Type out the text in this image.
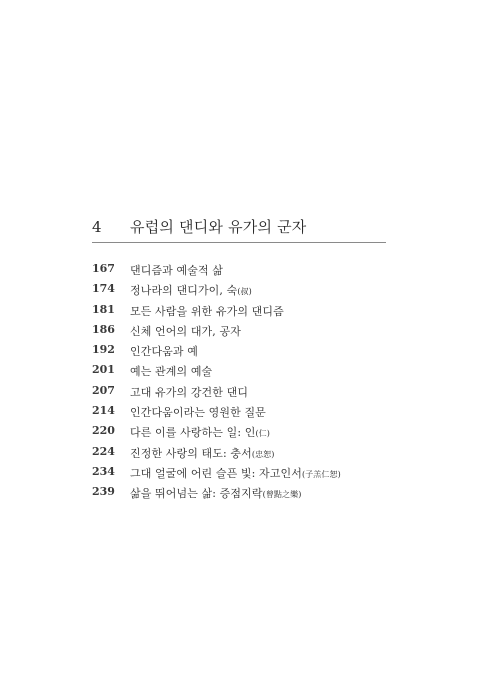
4 유럽의 댄디와 유가의 군자
167 댄디즘과 예술적 삶
174 정나라의 댄디가이, 숙(叔)
181 모든 사람을 위한 유가의 댄디즘
186 신체 언어의 대가, 공자
192 인간다움과 예
201 예는 관계의 예술
207 고대 유가의 강건한 댄디
214 인간다움이라는 영원한 질문
220 다른 이를 사랑하는 일: 인(仁)
224 진정한 사랑의 태도: 충서(忠恕)
234 그대 얼굴에 어린 슬픈 빛: 자고인서(子羔仁恕)
239 삶을 뛰어넘는 삶: 증점지락(曾點之樂)
